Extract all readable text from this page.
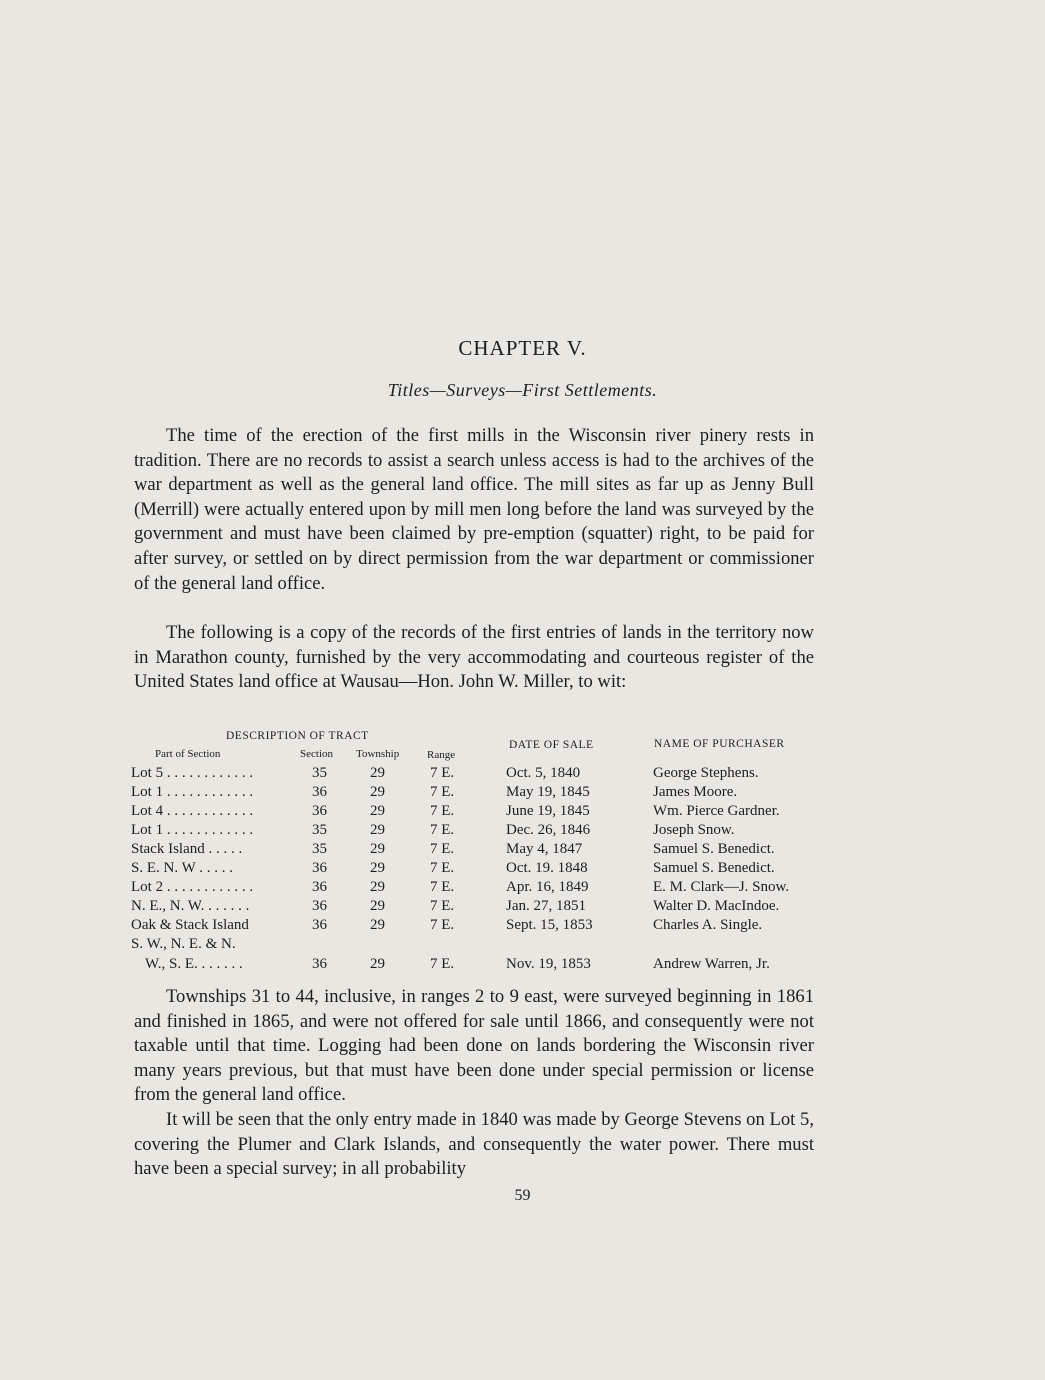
CHAPTER V.
Titles—Surveys—First Settlements.

The time of the erection of the first mills in the Wisconsin river pinery rests in tradition. There are no records to assist a search unless access is had to the archives of the war department as well as the general land office. The mill sites as far up as Jenny Bull (Merrill) were actually entered upon by mill men long before the land was surveyed by the government and must have been claimed by pre-emption (squatter) right, to be paid for after survey, or settled on by direct permission from the war department or commissioner of the general land office.

The following is a copy of the records of the first entries of lands in the territory now in Marathon county, furnished by the very accommodating and courteous register of the United States land office at Wausau—Hon. John W. Miller, to wit:

DESCRIPTION OF TRACT
DATE OF SALE	NAME OF PURCHASER
Part of Section	Section Township	Range
Lot 5 . . . . . . . . . . . .	35	29	7 E.	Oct. 5, 1840	George Stephens.
Lot 1 . . . . . . . . . . . .	36	29	7 E.	May 19, 1845	James Moore.
Lot 4 . . . . . . . . . . . .	36	29	7 E.	June 19, 1845	Wm. Pierce Gardner.
Lot 1 . . . . . . . . . . . .	35	29	7 E.	Dec. 26, 1846	Joseph Snow.
Stack Island . . . . .	35	29	7 E.	May 4, 1847	Samuel S. Benedict.
S. E. N. W . . . . .	36	29	7 E.	Oct. 19. 1848	Samuel S. Benedict.
Lot 2 . . . . . . . . . . . .	36	29	7 E.	Apr. 16, 1849	E. M. Clark—J. Snow.
N. E., N. W. . . . . . .	36	29	7 E.	Jan. 27, 1851	Walter D. MacIndoe.
Oak & Stack Island	36	29	7 E.	Sept. 15, 1853	Charles A. Single.
S. W., N. E. & N.
W., S. E. . . . . . .	36	29	7 E.	Nov. 19, 1853	Andrew Warren, Jr.

Townships 31 to 44, inclusive, in ranges 2 to 9 east, were surveyed beginning in 1861 and finished in 1865, and were not offered for sale until 1866, and consequently were not taxable until that time. Logging had been done on lands bordering the Wisconsin river many years previous, but that must have been done under special permission or license from the general land office.

It will be seen that the only entry made in 1840 was made by George Stevens on Lot 5, covering the Plumer and Clark Islands, and consequently the water power. There must have been a special survey; in all probability

59
